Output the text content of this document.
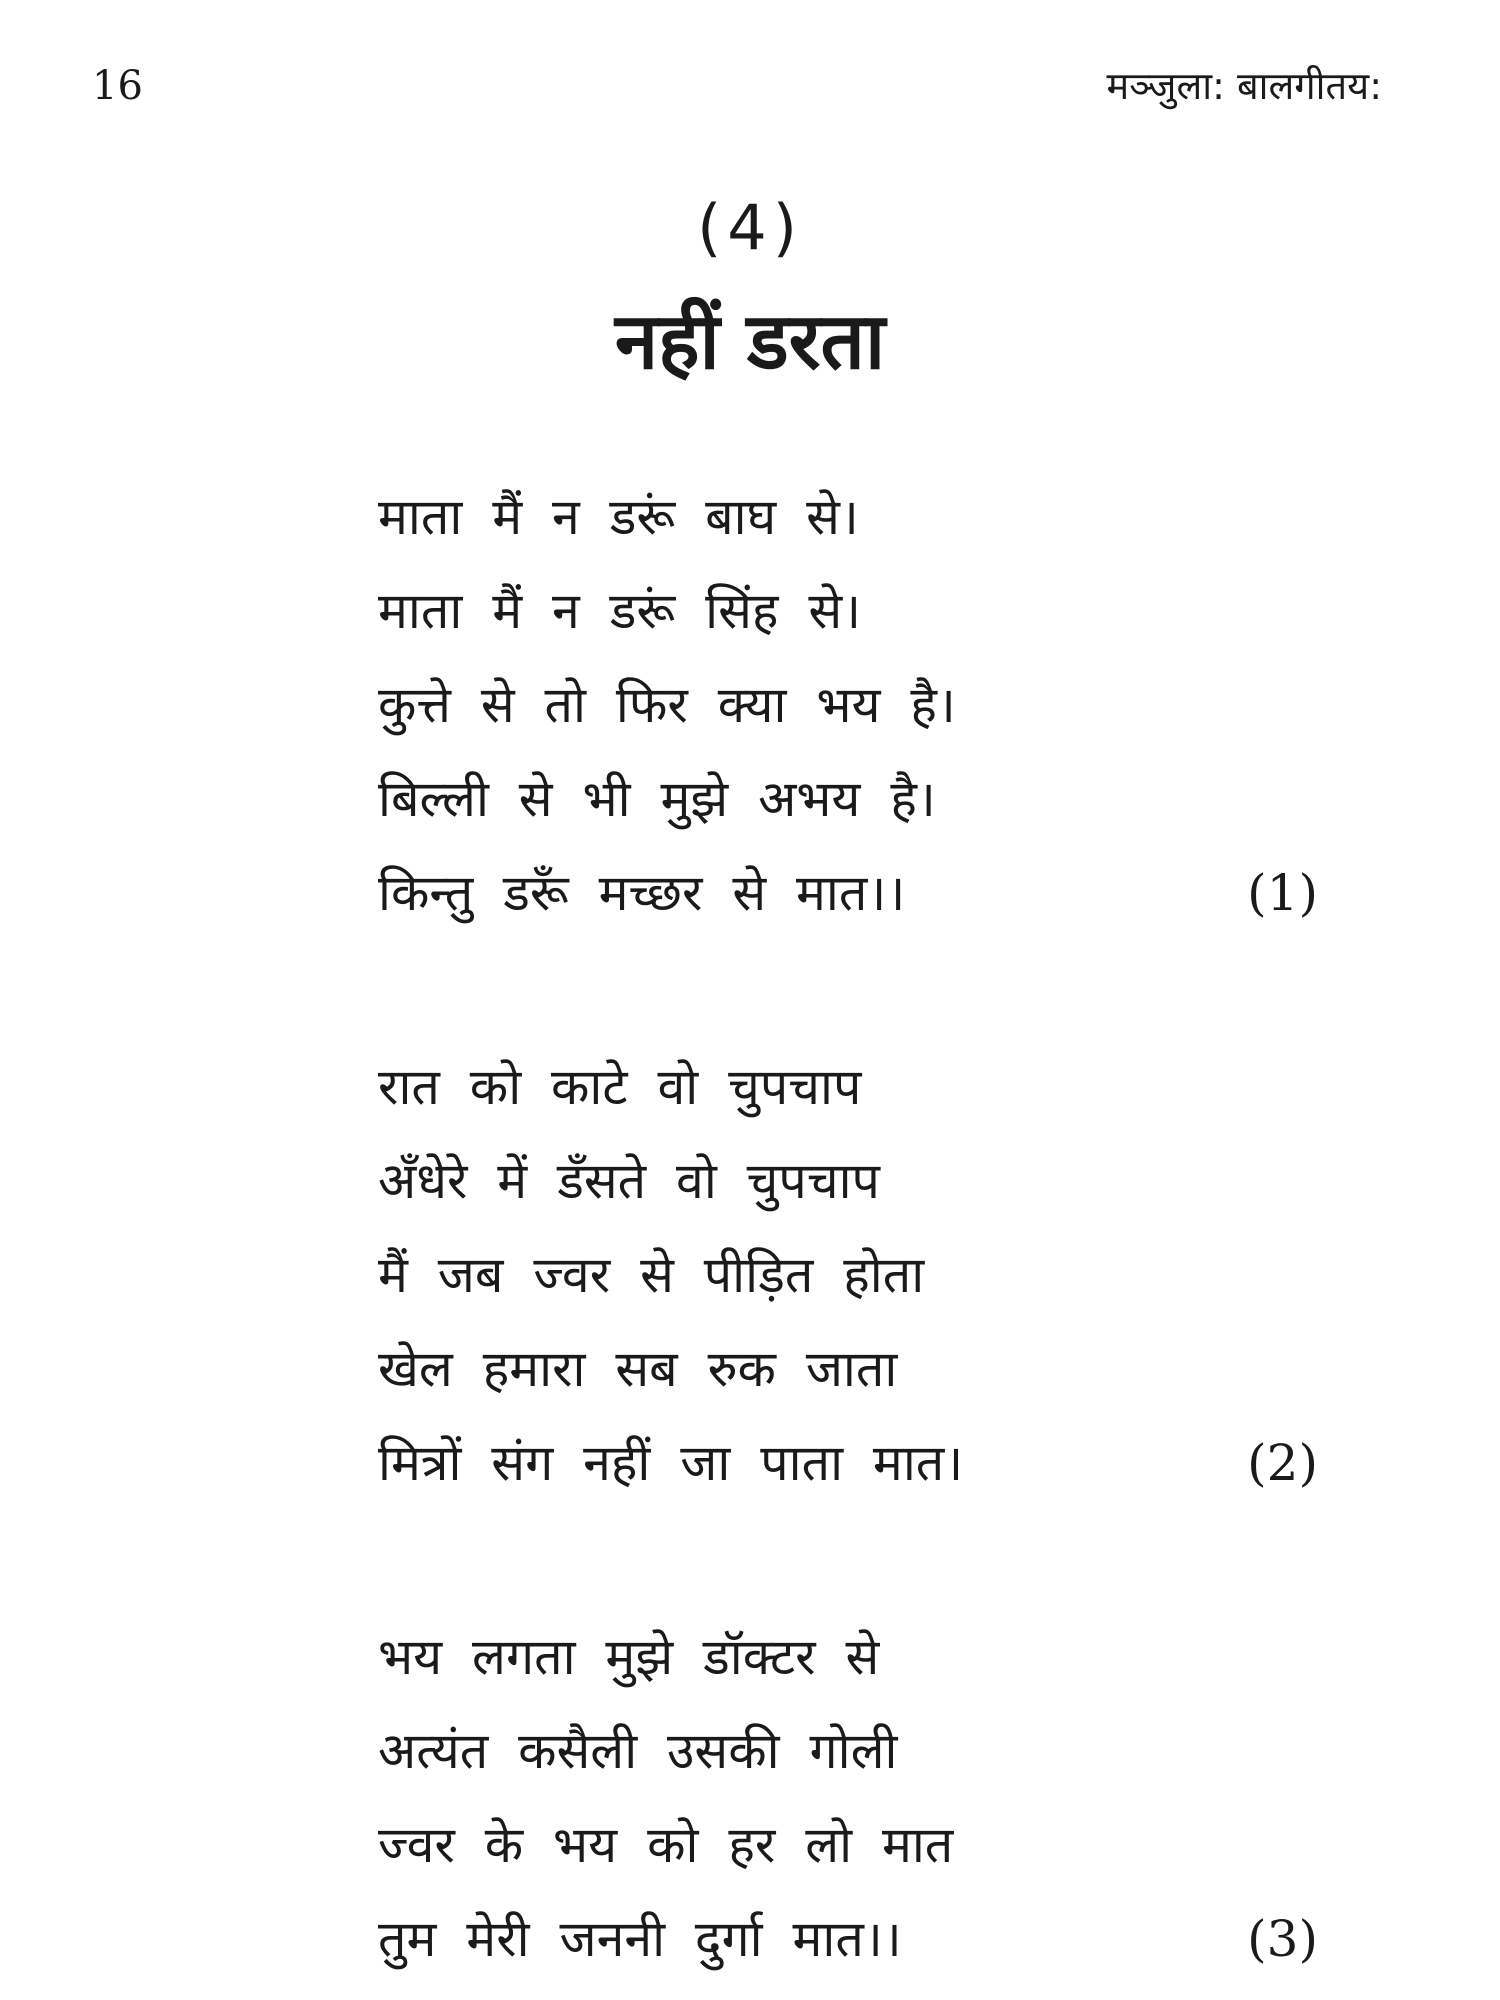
16	मञ्जुला: बालगीतय:
(4)
नहीं डरता
माता मैं न डरूं बाघ से।
माता मैं न डरूं सिंह से।
कुत्ते से तो फिर क्या भय है।
बिल्ली से भी मुझे अभय है।
किन्तु डरूँ मच्छर से मात।।	(1)
रात को काटे वो चुपचाप
अँधेरे में डँसते वो चुपचाप
मैं जब ज्वर से पीड़ित होता
खेल हमारा सब रुक जाता
मित्रों संग नहीं जा पाता मात।	(2)
भय लगता मुझे डॉक्टर से
अत्यंत कसैली उसकी गोली
ज्वर के भय को हर लो मात
तुम मेरी जननी दुर्गा मात।।	(3)
